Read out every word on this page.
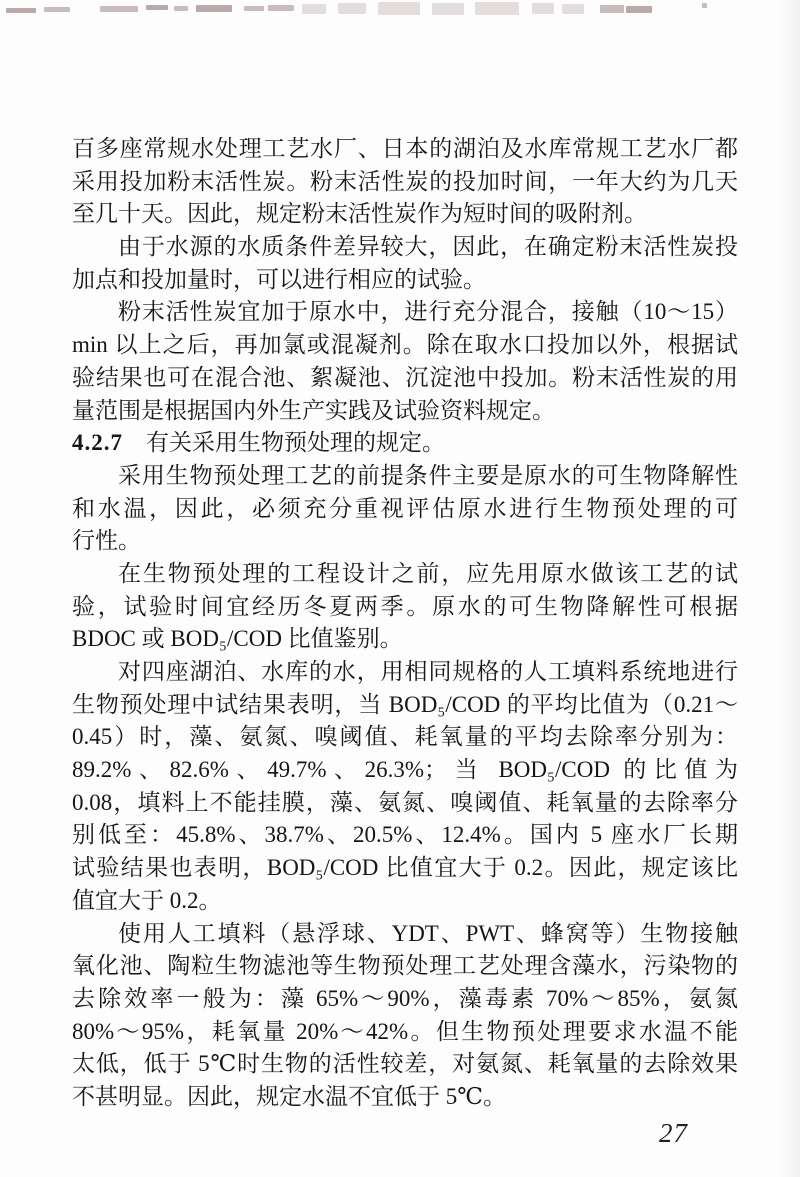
百多座常规水处理工艺水厂、日本的湖泊及水库常规工艺水厂都
采用投加粉末活性炭。粉末活性炭的投加时间，一年大约为几天
至几十天。因此，规定粉末活性炭作为短时间的吸附剂。
由于水源的水质条件差异较大，因此，在确定粉末活性炭投
加点和投加量时，可以进行相应的试验。
粉末活性炭宜加于原水中，进行充分混合，接触（10～15）
min 以上之后，再加氯或混凝剂。除在取水口投加以外，根据试
验结果也可在混合池、絮凝池、沉淀池中投加。粉末活性炭的用
量范围是根据国内外生产实践及试验资料规定。
4.2.7　有关采用生物预处理的规定。
采用生物预处理工艺的前提条件主要是原水的可生物降解性
和水温，因此，必须充分重视评估原水进行生物预处理的可
行性。
在生物预处理的工程设计之前，应先用原水做该工艺的试
验，试验时间宜经历冬夏两季。原水的可生物降解性可根据
BDOC 或 BOD₅/COD 比值鉴别。
对四座湖泊、水库的水，用相同规格的人工填料系统地进行
生物预处理中试结果表明，当 BOD₅/COD 的平均比值为（0.21～
0.45）时，藻、氨氮、嗅阈值、耗氧量的平均去除率分别为：
89.2%、82.6%、49.7%、26.3%；当 BOD₅/COD 的比值为
0.08，填料上不能挂膜，藻、氨氮、嗅阈值、耗氧量的去除率分
别低至：45.8%、38.7%、20.5%、12.4%。国内 5 座水厂长期
试验结果也表明，BOD₅/COD 比值宜大于 0.2。因此，规定该比
值宜大于 0.2。
使用人工填料（悬浮球、YDT、PWT、蜂窝等）生物接触
氧化池、陶粒生物滤池等生物预处理工艺处理含藻水，污染物的
去除效率一般为：藻 65%～90%，藻毒素 70%～85%，氨氮
80%～95%，耗氧量 20%～42%。但生物预处理要求水温不能
太低，低于 5℃时生物的活性较差，对氨氮、耗氧量的去除效果
不甚明显。因此，规定水温不宜低于 5℃。
27
